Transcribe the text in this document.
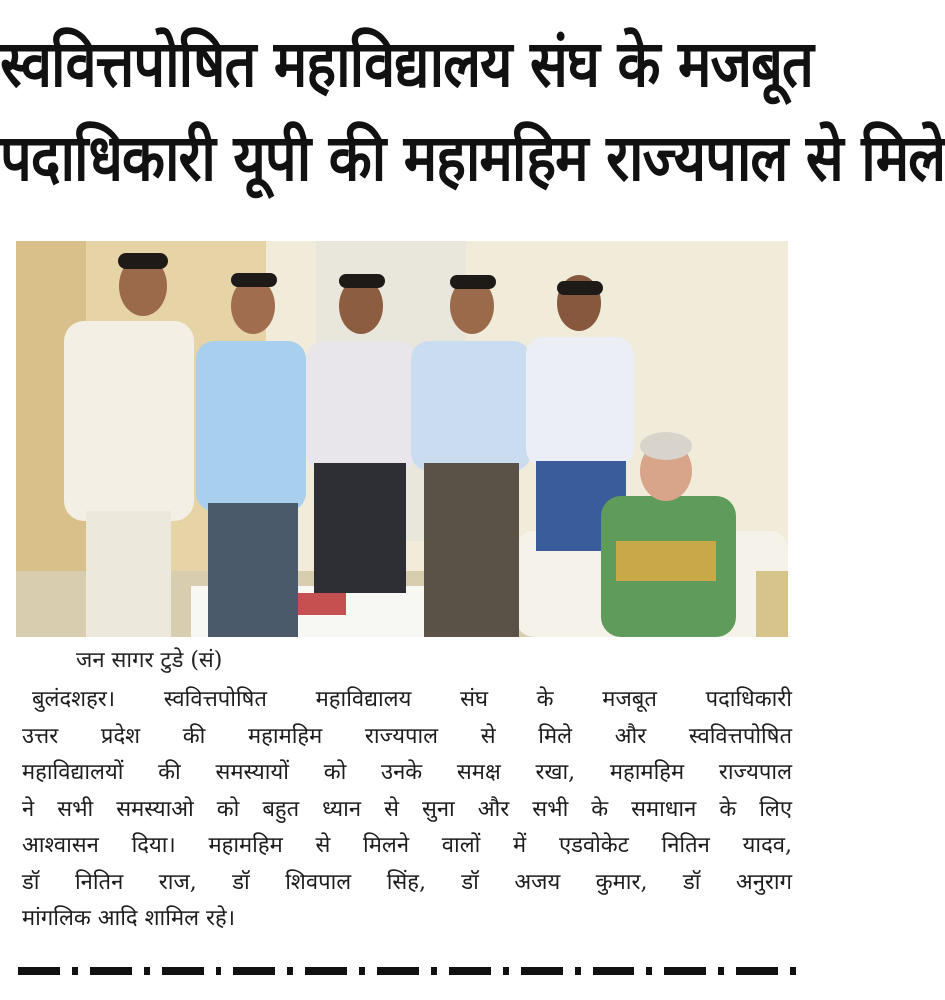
स्ववित्तपोषित महाविद्यालय संघ के मजबूत
पदाधिकारी यूपी की महामहिम राज्यपाल से मिले
जन सागर टुडे (सं)
बुलंदशहर। स्ववित्तपोषित महाविद्यालय संघ के मजबूत पदाधिकारी
उत्तर प्रदेश की महामहिम राज्यपाल से मिले और स्ववित्तपोषित
महाविद्यालयों की समस्यायों को उनके समक्ष रखा, महामहिम राज्यपाल
ने सभी समस्याओ को बहुत ध्यान से सुना और सभी के समाधान के लिए
आश्वासन दिया। महामहिम से मिलने वालों में एडवोकेट नितिन यादव,
डॉ नितिन राज, डॉ शिवपाल सिंह, डॉ अजय कुमार, डॉ अनुराग
मांगलिक आदि शामिल रहे।
